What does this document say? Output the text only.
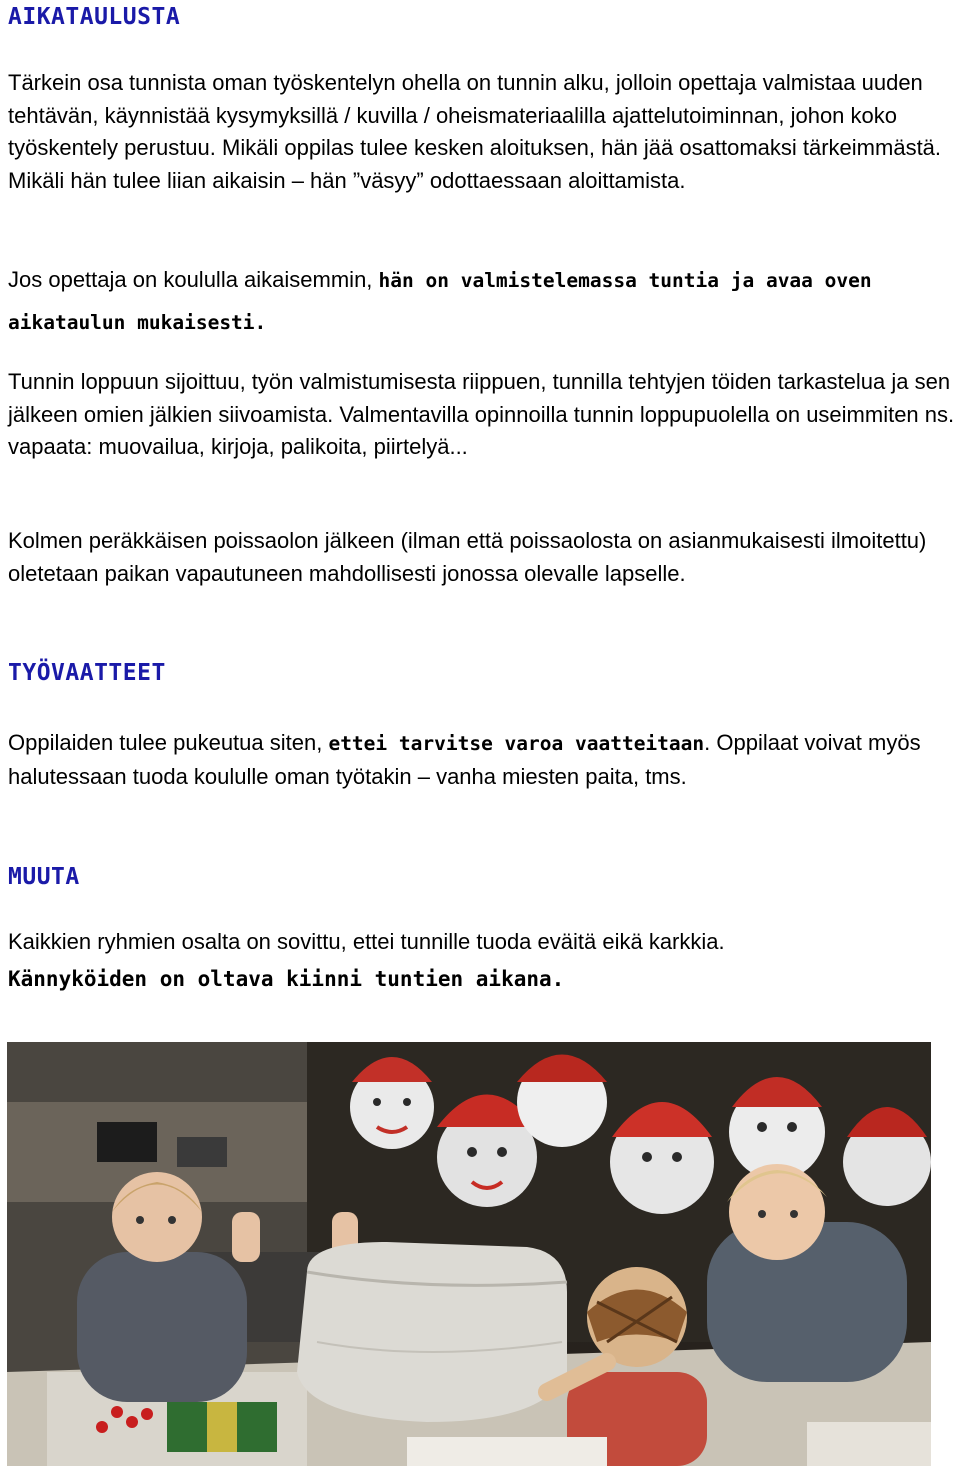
AIKATAULUSTA

Tärkein osa tunnista oman työskentelyn ohella on tunnin alku, jolloin opettaja valmistaa uuden tehtävän, käynnistää kysymyksillä / kuvilla / oheismateriaalilla ajattelutoiminnan, johon koko työskentely perustuu. Mikäli oppilas tulee kesken aloituksen, hän jää osattomaksi tärkeimmästä. Mikäli hän tulee liian aikaisin – hän ”väsyy” odottaessaan aloittamista.

Jos opettaja on koululla aikaisemmin, hän on valmistelemassa tuntia ja avaa oven aikataulun mukaisesti.

Tunnin loppuun sijoittuu, työn valmistumisesta riippuen, tunnilla tehtyjen töiden tarkastelua ja sen jälkeen omien jälkien siivoamista. Valmentavilla opinnoilla tunnin loppupuolella on useimmiten ns. vapaata: muovailua, kirjoja, palikoita, piirtelyä...

Kolmen peräkkäisen poissaolon jälkeen (ilman että poissaolosta on asianmukaisesti ilmoitettu) oletetaan paikan vapautuneen mahdollisesti jonossa olevalle lapselle.

TYÖVAATTEET

Oppilaiden tulee pukeutua siten, ettei tarvitse varoa vaatteitaan. Oppilaat voivat myös halutessaan tuoda koululle oman työtakin – vanha miesten paita, tms.

MUUTA

Kaikkien ryhmien osalta on sovittu, ettei tunnille tuoda eväitä eikä karkkia.

Kännyköiden on oltava kiinni tuntien aikana.
